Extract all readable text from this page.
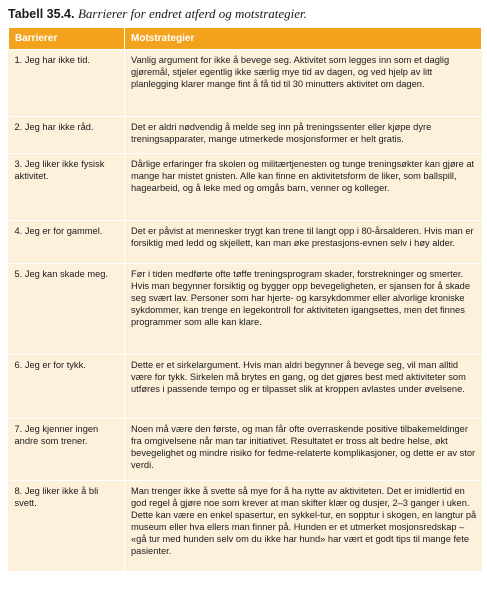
Tabell 35.4. Barrierer for endret atferd og motstrategier.
Barrierer	Motstrategier

1. Jeg har ikke tid.	Vanlig argument for ikke å bevege seg. Aktivitet som legges inn som et daglig gjøremål, stjeler egentlig ikke særlig mye tid av dagen, og ved hjelp av litt planlegging klarer mange fint å få tid til 30 minutters aktivitet om dagen.

2. Jeg har ikke råd.	Det er aldri nødvendig å melde seg inn på treningssenter eller kjøpe dyre treningsapparater, mange utmerkede mosjonsformer er helt gratis.

3. Jeg liker ikke fysisk aktivitet.	Dårlige erfaringer fra skolen og militærtjenesten og tunge treningsøkter kan gjøre at mange har mistet gnisten. Alle kan finne en aktivitetsform de liker, som ballspill, hagearbeid, og å leke med og omgås barn, venner og kolleger.

4. Jeg er for gammel.	Det er påvist at mennesker trygt kan trene til langt opp i 80-årsalderen. Hvis man er forsiktig med ledd og skjellett, kan man øke prestasjons-evnen selv i høy alder.

5. Jeg kan skade meg.	Før i tiden medførte ofte tøffe treningsprogram skader, forstrekninger og smerter. Hvis man begynner forsiktig og bygger opp bevegeligheten, er sjansen for å skade seg svært lav. Personer som har hjerte- og karsykdommer eller alvorlige kroniske sykdommer, kan trenge en legekontroll for aktiviteten igangsettes, men det finnes programmer som alle kan klare.

6. Jeg er for tykk.	Dette er et sirkelargument. Hvis man aldri begynner å bevege seg, vil man alltid være for tykk. Sirkelen må brytes en gang, og det gjøres best med aktiviteter som utføres i passende tempo og er tilpasset slik at kroppen avlastes under øvelsene.

7. Jeg kjenner ingen andre som trener.	Noen må være den første, og man får ofte overraskende positive tilbakemeldinger fra omgivelsene når man tar initiativet. Resultatet er tross alt bedre helse, økt bevegelighet og mindre risiko for fedme-relaterte komplikasjoner, og dette er av stor verdi.

8. Jeg liker ikke å bli svett.	Man trenger ikke å svette så mye for å ha nytte av aktiviteten. Det er imidlertid en god regel å gjøre noe som krever at man skifter klær og dusjer, 2–3 ganger i uken. Dette kan være en enkel spasertur, en sykkel-tur, en sopptur i skogen, en langtur på museum eller hva ellers man finner på. Hunden er et utmerket mosjonsredskap – «gå tur med hunden selv om du ikke har hund» har vært et godt tips til mange fete pasienter.
